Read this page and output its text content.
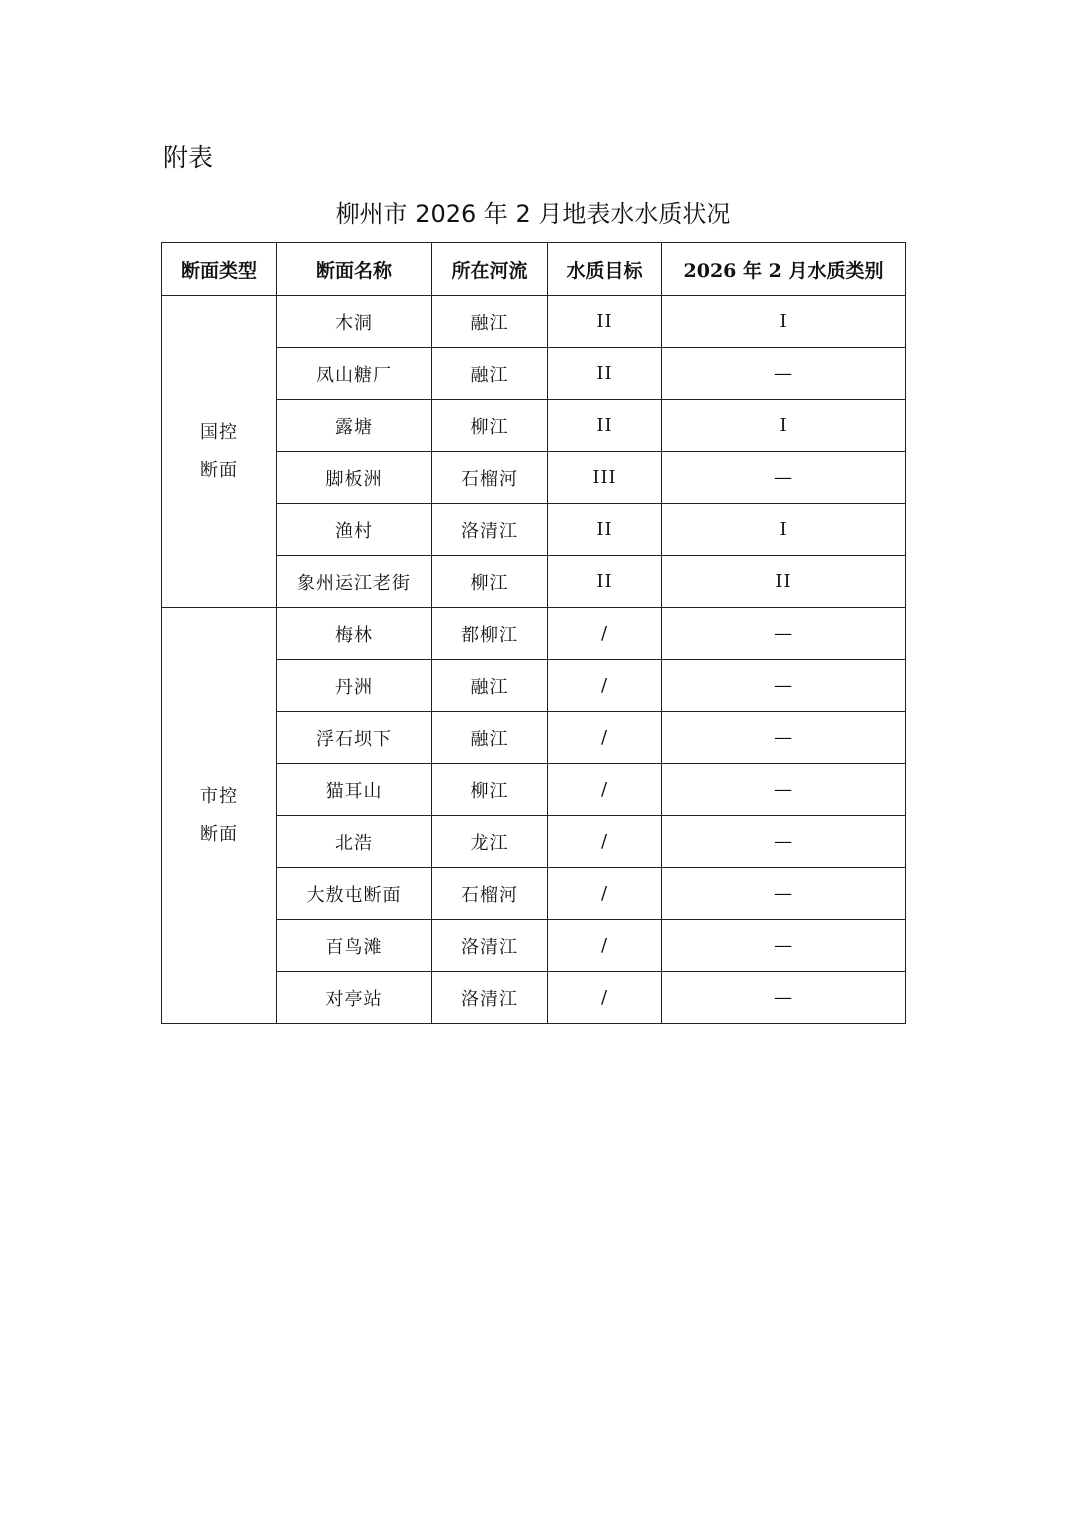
附表
柳州市 2026 年 2 月地表水水质状况
断面类型	断面名称	所在河流	水质目标	2026 年 2 月水质类别

国控
断面	木洞	融江	II	I
	凤山糖厂	融江	II	—
	露塘	柳江	II	I
	脚板洲	石榴河	III	—
	渔村	洛清江	II	I
	象州运江老街	柳江	II	II

市控
断面	梅林	都柳江	/	—
	丹洲	融江	/	—
	浮石坝下	融江	/	—
	猫耳山	柳江	/	—
	北浩	龙江	/	—
	大敖屯断面	石榴河	/	—
	百鸟滩	洛清江	/	—
	对亭站	洛清江	/	—
